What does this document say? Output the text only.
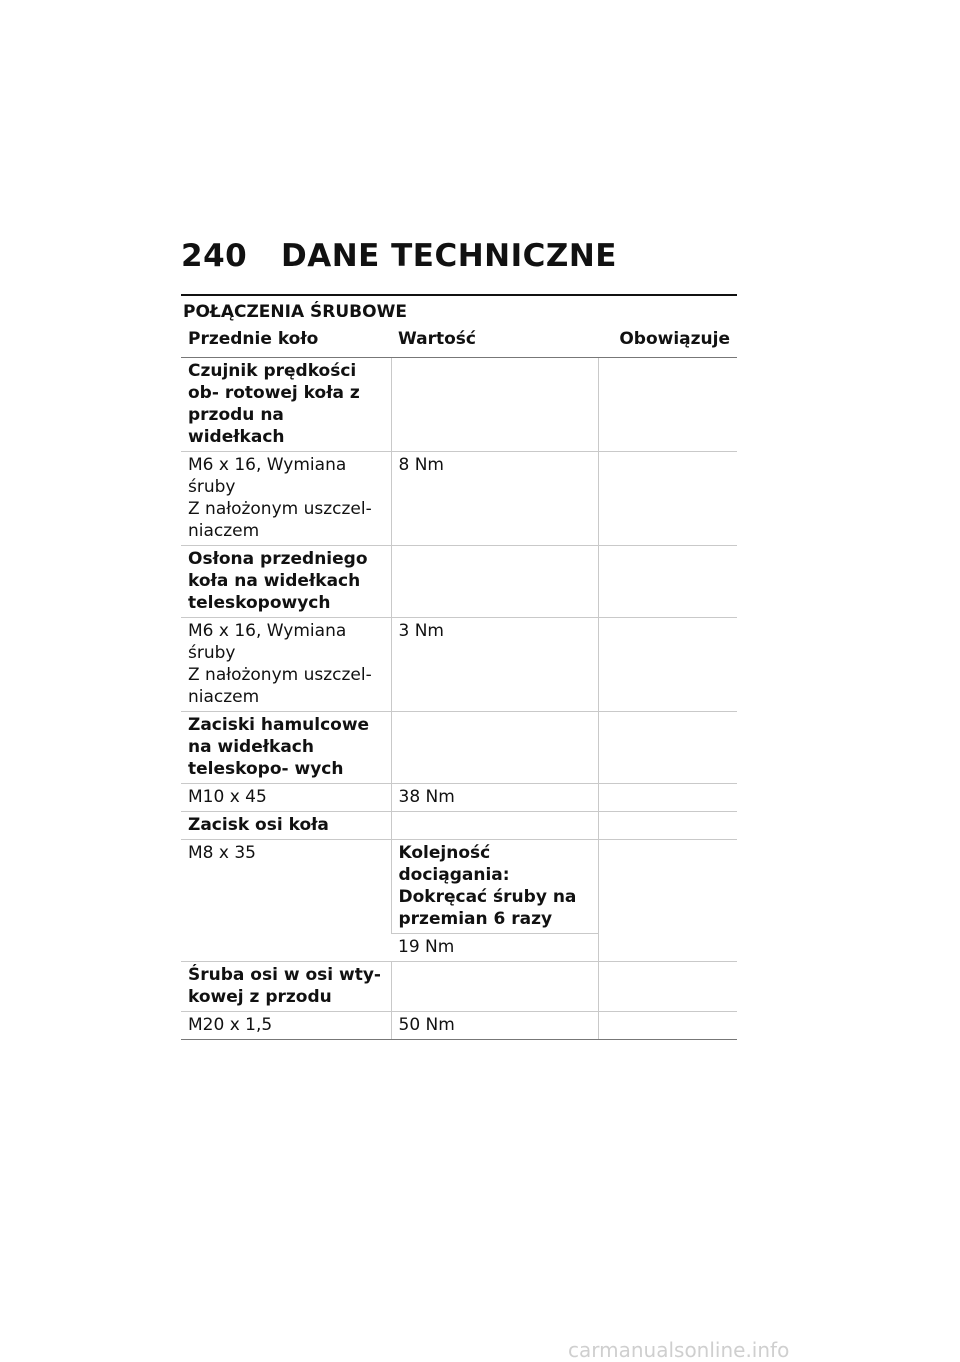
240 DANE TECHNICZNE
POŁĄCZENIA ŚRUBOWE
Przednie koło	Wartość	Obowiązuje
Czujnik prędkości ob- rotowej koła z przodu na widełkach		
M6 x 16, Wymiana śruby
Z nałożonym uszczel- niaczem	8 Nm	
Osłona przedniego koła na widełkach teleskopowych		
M6 x 16, Wymiana śruby
Z nałożonym uszczel- niaczem	3 Nm	
Zaciski hamulcowe na widełkach teleskopo- wych		
M10 x 45	38 Nm	
Zacisk osi koła		
M8 x 35	Kolejność dociągania: Dokręcać śruby na przemian 6 razy	
	19 Nm	
Śruba osi w osi wty- kowej z przodu		
M20 x 1,5	50 Nm	
carmanualsonline.info
